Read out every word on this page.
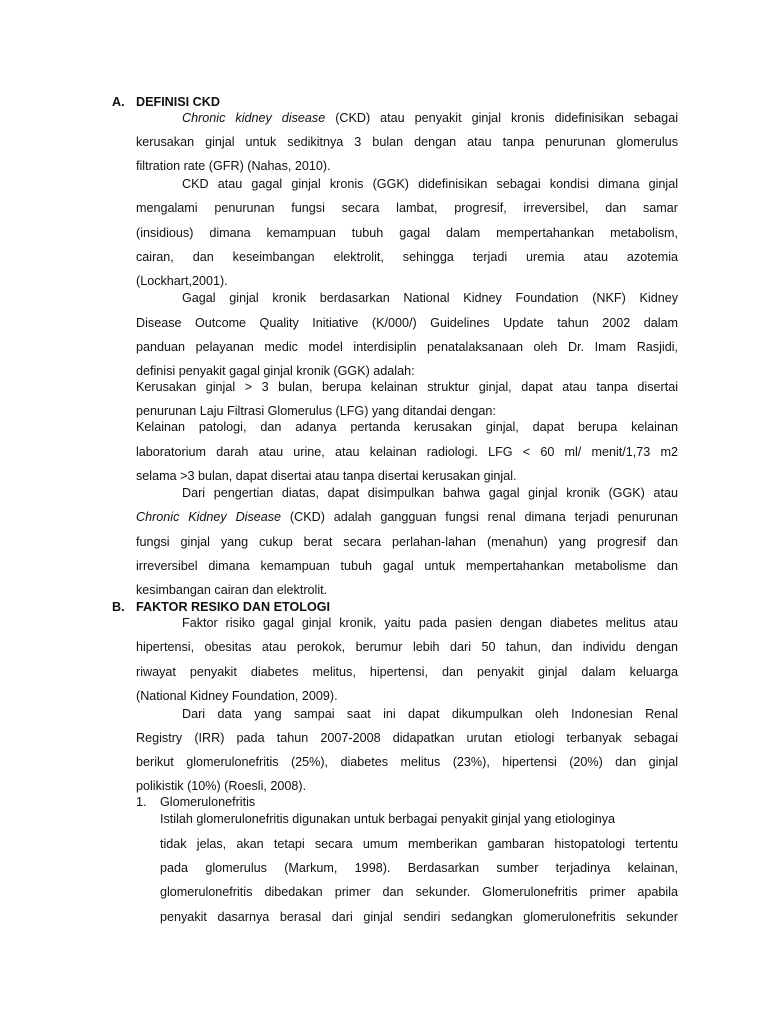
A. DEFINISI CKD
Chronic kidney disease (CKD) atau penyakit ginjal kronis didefinisikan sebagai
kerusakan ginjal untuk sedikitnya 3 bulan dengan atau tanpa penurunan glomerulus
filtration rate (GFR) (Nahas, 2010).
CKD atau gagal ginjal kronis (GGK) didefinisikan sebagai kondisi dimana ginjal
mengalami penurunan fungsi secara lambat, progresif, irreversibel, dan samar
(insidious) dimana kemampuan tubuh gagal dalam mempertahankan metabolism,
cairan, dan keseimbangan elektrolit, sehingga terjadi uremia atau azotemia
(Lockhart,2001).
Gagal ginjal kronik berdasarkan National Kidney Foundation (NKF) Kidney
Disease Outcome Quality Initiative (K/000/) Guidelines Update tahun 2002 dalam
panduan pelayanan medic model interdisiplin penatalaksanaan oleh Dr. Imam Rasjidi,
definisi penyakit gagal ginjal kronik (GGK) adalah:
Kerusakan ginjal > 3 bulan, berupa kelainan struktur ginjal, dapat atau tanpa disertai
penurunan Laju Filtrasi Glomerulus (LFG) yang ditandai dengan:
Kelainan patologi, dan adanya pertanda kerusakan ginjal, dapat berupa kelainan
laboratorium darah atau urine, atau kelainan radiologi. LFG < 60 ml/ menit/1,73 m2
selama >3 bulan, dapat disertai atau tanpa disertai kerusakan ginjal.
Dari pengertian diatas, dapat disimpulkan bahwa gagal ginjal kronik (GGK) atau
Chronic Kidney Disease (CKD) adalah gangguan fungsi renal dimana terjadi penurunan
fungsi ginjal yang cukup berat secara perlahan-lahan (menahun) yang progresif dan
irreversibel dimana kemampuan tubuh gagal untuk mempertahankan metabolisme dan
kesimbangan cairan dan elektrolit.
B. FAKTOR RESIKO DAN ETOLOGI
Faktor risiko gagal ginjal kronik, yaitu pada pasien dengan diabetes melitus atau
hipertensi, obesitas atau perokok, berumur lebih dari 50 tahun, dan individu dengan
riwayat penyakit diabetes melitus, hipertensi, dan penyakit ginjal dalam keluarga
(National Kidney Foundation, 2009).
Dari data yang sampai saat ini dapat dikumpulkan oleh Indonesian Renal
Registry (IRR) pada tahun 2007-2008 didapatkan urutan etiologi terbanyak sebagai
berikut glomerulonefritis (25%), diabetes melitus (23%), hipertensi (20%) dan ginjal
polikistik (10%) (Roesli, 2008).
1. Glomerulonefritis
Istilah glomerulonefritis digunakan untuk berbagai penyakit ginjal yang etiologinya
tidak jelas, akan tetapi secara umum memberikan gambaran histopatologi tertentu
pada glomerulus (Markum, 1998). Berdasarkan sumber terjadinya kelainan,
glomerulonefritis dibedakan primer dan sekunder. Glomerulonefritis primer apabila
penyakit dasarnya berasal dari ginjal sendiri sedangkan glomerulonefritis sekunder
